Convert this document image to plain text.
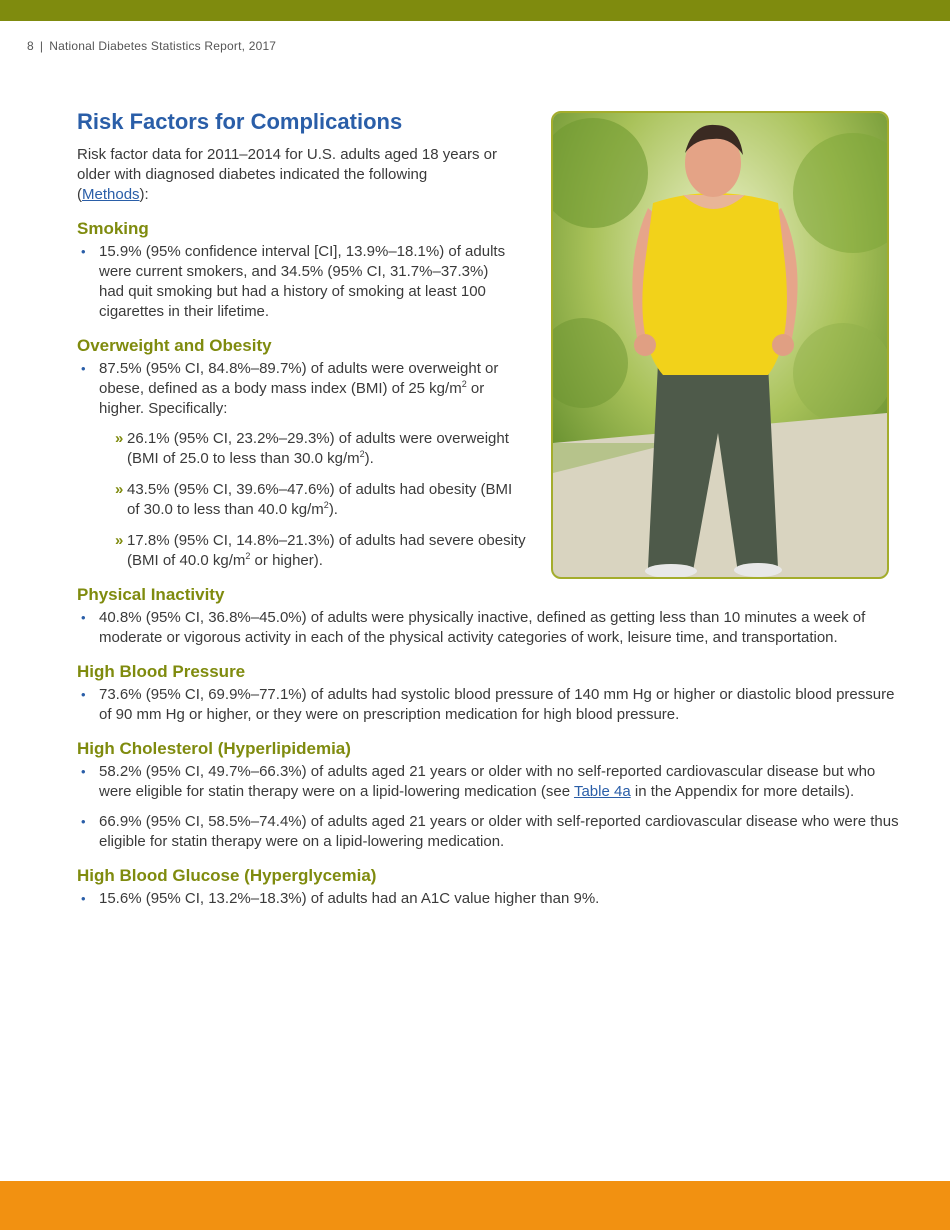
8 | National Diabetes Statistics Report, 2017
Risk Factors for Complications

Risk factor data for 2011–2014 for U.S. adults aged 18 years or older with diagnosed diabetes indicated the following (Methods):

Smoking
• 15.9% (95% confidence interval [CI], 13.9%–18.1%) of adults were current smokers, and 34.5% (95% CI, 31.7%–37.3%) had quit smoking but had a history of smoking at least 100 cigarettes in their lifetime.
Overweight and Obesity
• 87.5% (95% CI, 84.8%–89.7%) of adults were overweight or obese, defined as a body mass index (BMI) of 25 $kg/m^2$ or higher. Specifically:
» 26.1% (95% CI, 23.2%–29.3%) of adults were overweight (BMI of 25.0 to less than 30.0 $kg/m^2$).
» 43.5% (95% CI, 39.6%–47.6%) of adults had obesity (BMI of 30.0 to less than 40.0 $kg/m^2$).
» 17.8% (95% CI, 14.8%–21.3%) of adults had severe obesity (BMI of 40.0 $kg/m^2$ or higher).
Physical Inactivity
• 40.8% (95% CI, 36.8%–45.0%) of adults were physically inactive, defined as getting less than 10 minutes a week of moderate or vigorous activity in each of the physical activity categories of work, leisure time, and transportation.
High Blood Pressure
• 73.6% (95% CI, 69.9%–77.1%) of adults had systolic blood pressure of 140 mm Hg or higher or diastolic blood pressure of 90 mm Hg or higher, or they were on prescription medication for high blood pressure.
High Cholesterol (Hyperlipidemia)
• 58.2% (95% CI, 49.7%–66.3%) of adults aged 21 years or older with no self-reported cardiovascular disease but who were eligible for statin therapy were on a lipid-lowering medication (see Table 4a in the Appendix for more details).
• 66.9% (95% CI, 58.5%–74.4%) of adults aged 21 years or older with self-reported cardiovascular disease who were thus eligible for statin therapy were on a lipid-lowering medication.
High Blood Glucose (Hyperglycemia)
• 15.6% (95% CI, 13.2%–18.3%) of adults had an A1C value higher than 9%.
